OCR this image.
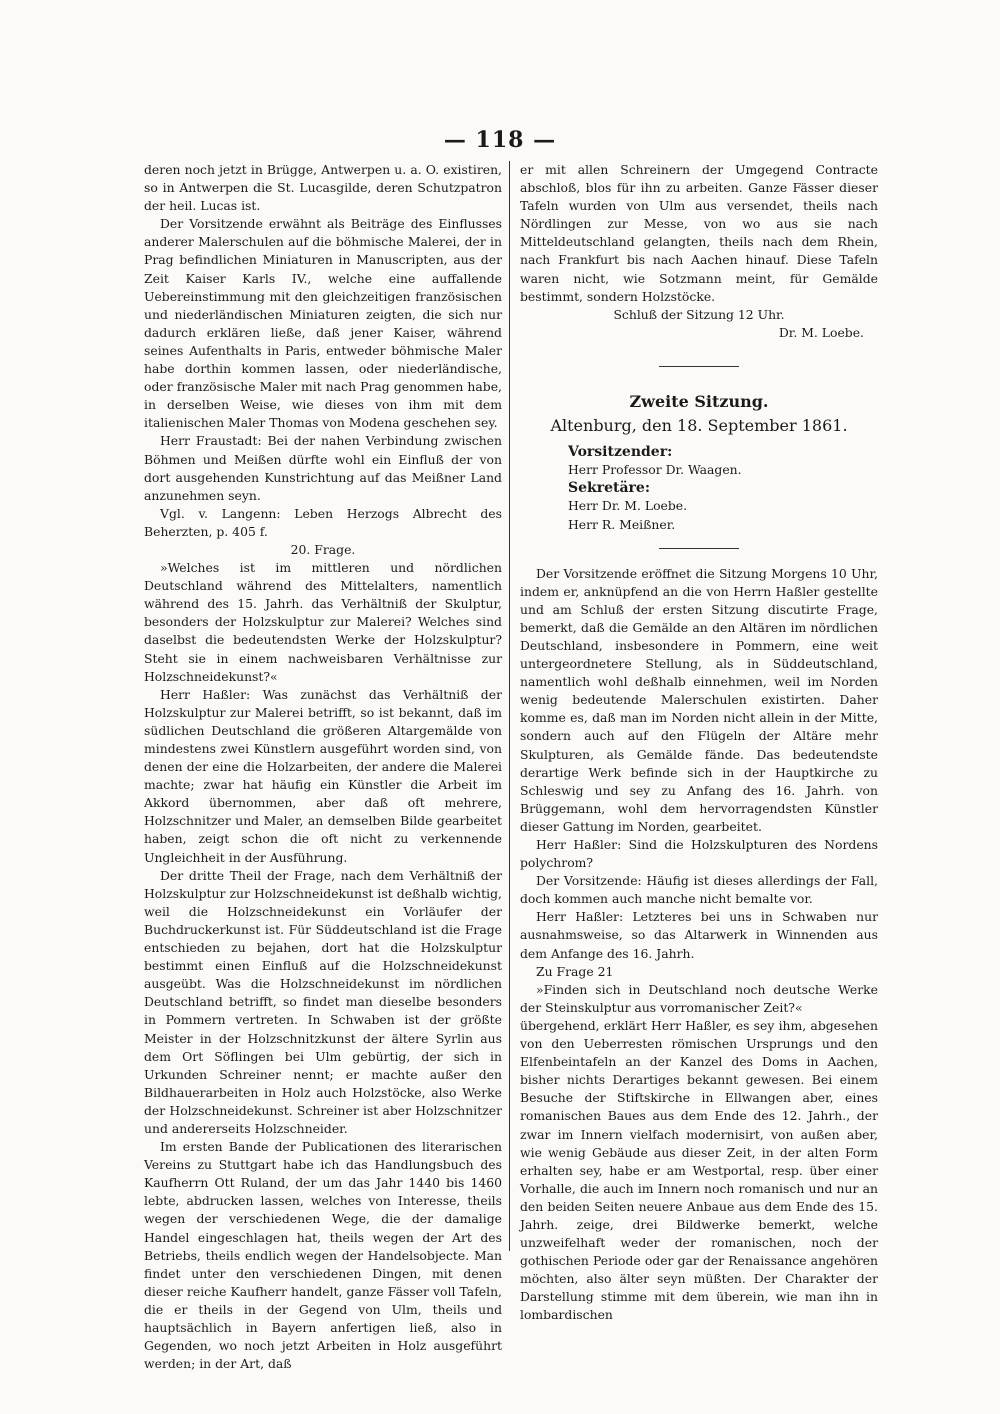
— 118 —

deren noch jetzt in Brügge, Antwerpen u. a. O. existiren, so in Antwerpen die St. Lucasgilde, deren Schutzpatron der heil. Lucas ist.

Der Vorsitzende erwähnt als Beiträge des Einflusses anderer Malerschulen auf die böhmische Malerei, der in Prag befindlichen Miniaturen in Manuscripten, aus der Zeit Kaiser Karls IV., welche eine auffallende Uebereinstimmung mit den gleichzeitigen französischen und niederländischen Miniaturen zeigten, die sich nur dadurch erklären ließe, daß jener Kaiser, während seines Aufenthalts in Paris, entweder böhmische Maler habe dorthin kommen lassen, oder niederländische, oder französische Maler mit nach Prag genommen habe, in derselben Weise, wie dieses von ihm mit dem italienischen Maler Thomas von Modena geschehen sey.

Herr Fraustadt: Bei der nahen Verbindung zwischen Böhmen und Meißen dürfte wohl ein Einfluß der von dort ausgehenden Kunstrichtung auf das Meißner Land anzunehmen seyn.

Vgl. v. Langenn: Leben Herzogs Albrecht des Beherzten, p. 405 f.

20. Frage.

»Welches ist im mittleren und nördlichen Deutschland während des Mittelalters, namentlich während des 15. Jahrh. das Verhältniß der Skulptur, besonders der Holzskulptur zur Malerei? Welches sind daselbst die bedeutendsten Werke der Holzskulptur? Steht sie in einem nachweisbaren Verhältnisse zur Holzschneidekunst?«

Herr Haßler: Was zunächst das Verhältniß der Holzskulptur zur Malerei betrifft, so ist bekannt, daß im südlichen Deutschland die größeren Altargemälde von mindestens zwei Künstlern ausgeführt worden sind, von denen der eine die Holzarbeiten, der andere die Malerei machte; zwar hat häufig ein Künstler die Arbeit im Akkord übernommen, aber daß oft mehrere, Holzschnitzer und Maler, an demselben Bilde gearbeitet haben, zeigt schon die oft nicht zu verkennende Ungleichheit in der Ausführung.

Der dritte Theil der Frage, nach dem Verhältniß der Holzskulptur zur Holzschneidekunst ist deßhalb wichtig, weil die Holzschneidekunst ein Vorläufer der Buchdruckerkunst ist. Für Süddeutschland ist die Frage entschieden zu bejahen, dort hat die Holzskulptur bestimmt einen Einfluß auf die Holzschneidekunst ausgeübt. Was die Holzschneidekunst im nördlichen Deutschland betrifft, so findet man dieselbe besonders in Pommern vertreten. In Schwaben ist der größte Meister in der Holzschnitzkunst der ältere Syrlin aus dem Ort Söflingen bei Ulm gebürtig, der sich in Urkunden Schreiner nennt; er machte außer den Bildhauerarbeiten in Holz auch Holzstöcke, also Werke der Holzschneidekunst. Schreiner ist aber Holzschnitzer und andererseits Holzschneider.

Im ersten Bande der Publicationen des literarischen Vereins zu Stuttgart habe ich das Handlungsbuch des Kaufherrn Ott Ruland, der um das Jahr 1440 bis 1460 lebte, abdrucken lassen, welches von Interesse, theils wegen der verschiedenen Wege, die der damalige Handel eingeschlagen hat, theils wegen der Art des Betriebs, theils endlich wegen der Handelsobjecte. Man findet unter den verschiedenen Dingen, mit denen dieser reiche Kaufherr handelt, ganze Fässer voll Tafeln, die er theils in der Gegend von Ulm, theils und hauptsächlich in Bayern anfertigen ließ, also in Gegenden, wo noch jetzt Arbeiten in Holz ausgeführt werden; in der Art, daß

er mit allen Schreinern der Umgegend Contracte abschloß, blos für ihn zu arbeiten. Ganze Fässer dieser Tafeln wurden von Ulm aus versendet, theils nach Nördlingen zur Messe, von wo aus sie nach Mitteldeutschland gelangten, theils nach dem Rhein, nach Frankfurt bis nach Aachen hinauf. Diese Tafeln waren nicht, wie Sotzmann meint, für Gemälde bestimmt, sondern Holzstöcke.

Schluß der Sitzung 12 Uhr.

Dr. M. Loebe.

Zweite Sitzung.
Altenburg, den 18. September 1861.
Vorsitzender:
Herr Professor Dr. Waagen.
Sekretäre:
Herr Dr. M. Loebe.
Herr R. Meißner.

Der Vorsitzende eröffnet die Sitzung Morgens 10 Uhr, indem er, anknüpfend an die von Herrn Haßler gestellte und am Schluß der ersten Sitzung discutirte Frage, bemerkt, daß die Gemälde an den Altären im nördlichen Deutschland, insbesondere in Pommern, eine weit untergeordnetere Stellung, als in Süddeutschland, namentlich wohl deßhalb einnehmen, weil im Norden wenig bedeutende Malerschulen existirten. Daher komme es, daß man im Norden nicht allein in der Mitte, sondern auch auf den Flügeln der Altäre mehr Skulpturen, als Gemälde fände. Das bedeutendste derartige Werk befinde sich in der Hauptkirche zu Schleswig und sey zu Anfang des 16. Jahrh. von Brüggemann, wohl dem hervorragendsten Künstler dieser Gattung im Norden, gearbeitet.

Herr Haßler: Sind die Holzskulpturen des Nordens polychrom?

Der Vorsitzende: Häufig ist dieses allerdings der Fall, doch kommen auch manche nicht bemalte vor.

Herr Haßler: Letzteres bei uns in Schwaben nur ausnahmsweise, so das Altarwerk in Winnenden aus dem Anfange des 16. Jahrh.

Zu Frage 21

»Finden sich in Deutschland noch deutsche Werke der Steinskulptur aus vorromanischer Zeit?«

übergehend, erklärt Herr Haßler, es sey ihm, abgesehen von den Ueberresten römischen Ursprungs und den Elfenbeintafeln an der Kanzel des Doms in Aachen, bisher nichts Derartiges bekannt gewesen. Bei einem Besuche der Stiftskirche in Ellwangen aber, eines romanischen Baues aus dem Ende des 12. Jahrh., der zwar im Innern vielfach modernisirt, von außen aber, wie wenig Gebäude aus dieser Zeit, in der alten Form erhalten sey, habe er am Westportal, resp. über einer Vorhalle, die auch im Innern noch romanisch und nur an den beiden Seiten neuere Anbaue aus dem Ende des 15. Jahrh. zeige, drei Bildwerke bemerkt, welche unzweifelhaft weder der romanischen, noch der gothischen Periode oder gar der Renaissance angehören möchten, also älter seyn müßten. Der Charakter der Darstellung stimme mit dem überein, wie man ihn in lombardischen
